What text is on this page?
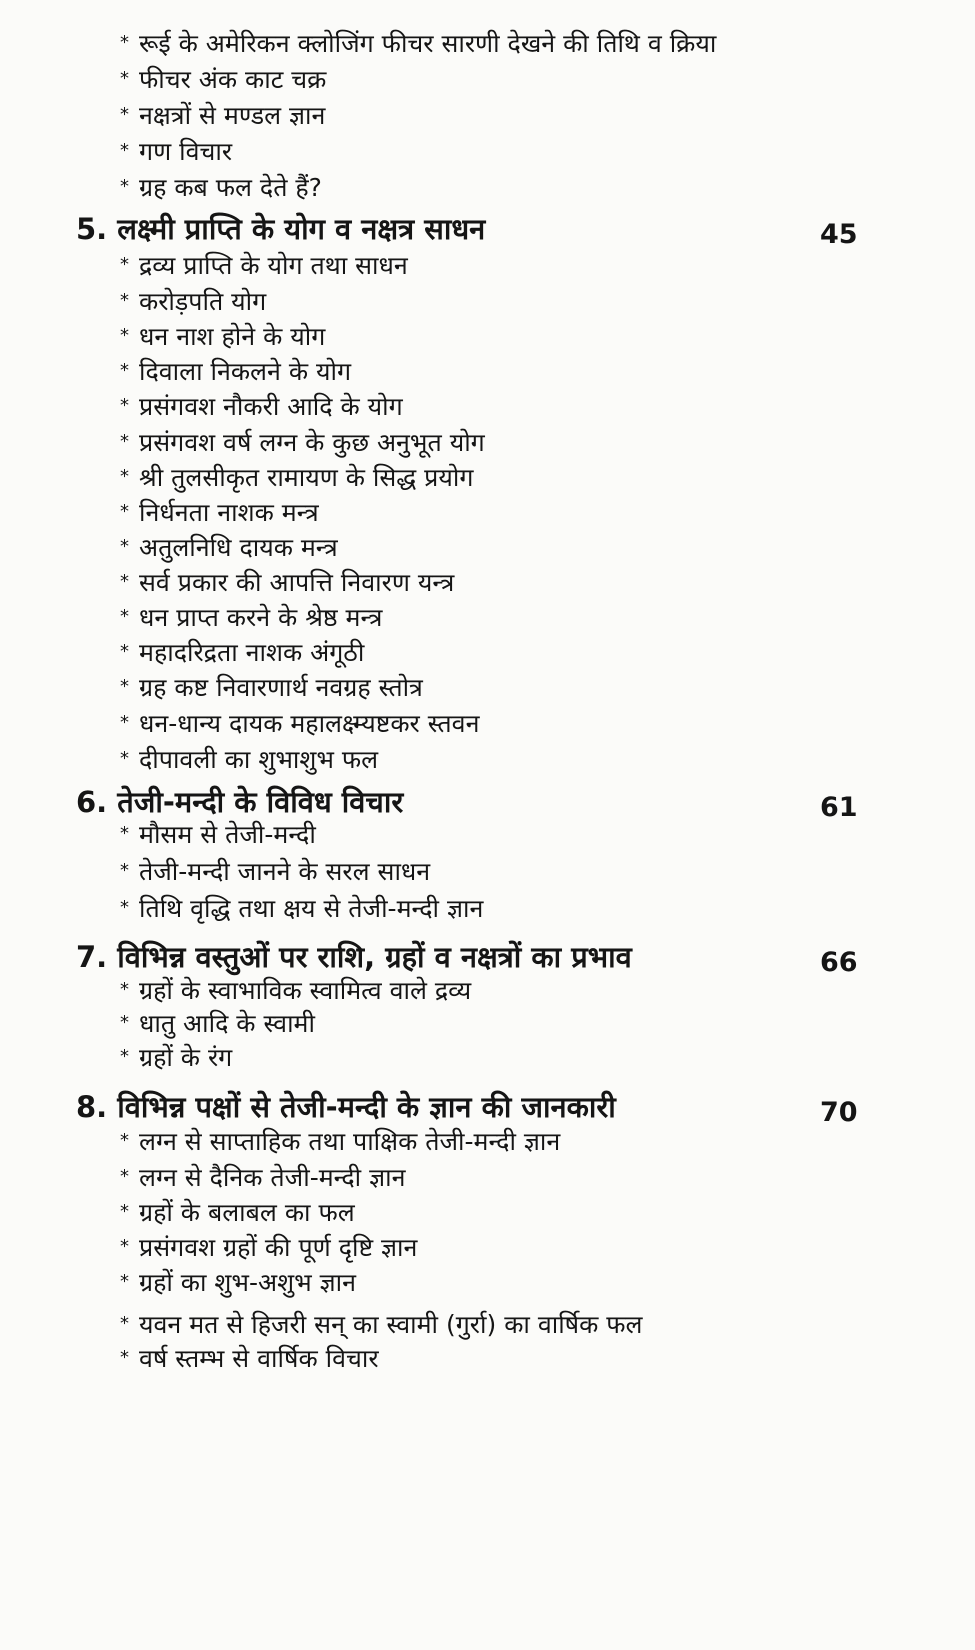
* रूई के अमेरिकन क्लोजिंग फीचर सारणी देखने की तिथि व क्रिया
* फीचर अंक काट चक्र
* नक्षत्रों से मण्डल ज्ञान
* गण विचार
* ग्रह कब फल देते हैं?
5. लक्ष्मी प्राप्ति के योग व नक्षत्र साधन	45
* द्रव्य प्राप्ति के योग तथा साधन
* करोड़पति योग
* धन नाश होने के योग
* दिवाला निकलने के योग
* प्रसंगवश नौकरी आदि के योग
* प्रसंगवश वर्ष लग्न के कुछ अनुभूत योग
* श्री तुलसीकृत रामायण के सिद्ध प्रयोग
* निर्धनता नाशक मन्त्र
* अतुलनिधि दायक मन्त्र
* सर्व प्रकार की आपत्ति निवारण यन्त्र
* धन प्राप्त करने के श्रेष्ठ मन्त्र
* महादरिद्रता नाशक अंगूठी
* ग्रह कष्ट निवारणार्थ नवग्रह स्तोत्र
* धन-धान्य दायक महालक्ष्म्यष्टकर स्तवन
* दीपावली का शुभाशुभ फल
6. तेजी-मन्दी के विविध विचार	61
* मौसम से तेजी-मन्दी
* तेजी-मन्दी जानने के सरल साधन
* तिथि वृद्धि तथा क्षय से तेजी-मन्दी ज्ञान
7. विभिन्न वस्तुओं पर राशि, ग्रहों व नक्षत्रों का प्रभाव	66
* ग्रहों के स्वाभाविक स्वामित्व वाले द्रव्य
* धातु आदि के स्वामी
* ग्रहों के रंग
8. विभिन्न पक्षों से तेजी-मन्दी के ज्ञान की जानकारी	70
* लग्न से साप्ताहिक तथा पाक्षिक तेजी-मन्दी ज्ञान
* लग्न से दैनिक तेजी-मन्दी ज्ञान
* ग्रहों के बलाबल का फल
* प्रसंगवश ग्रहों की पूर्ण दृष्टि ज्ञान
* ग्रहों का शुभ-अशुभ ज्ञान
* यवन मत से हिजरी सन् का स्वामी (गुर्रा) का वार्षिक फल
* वर्ष स्तम्भ से वार्षिक विचार
